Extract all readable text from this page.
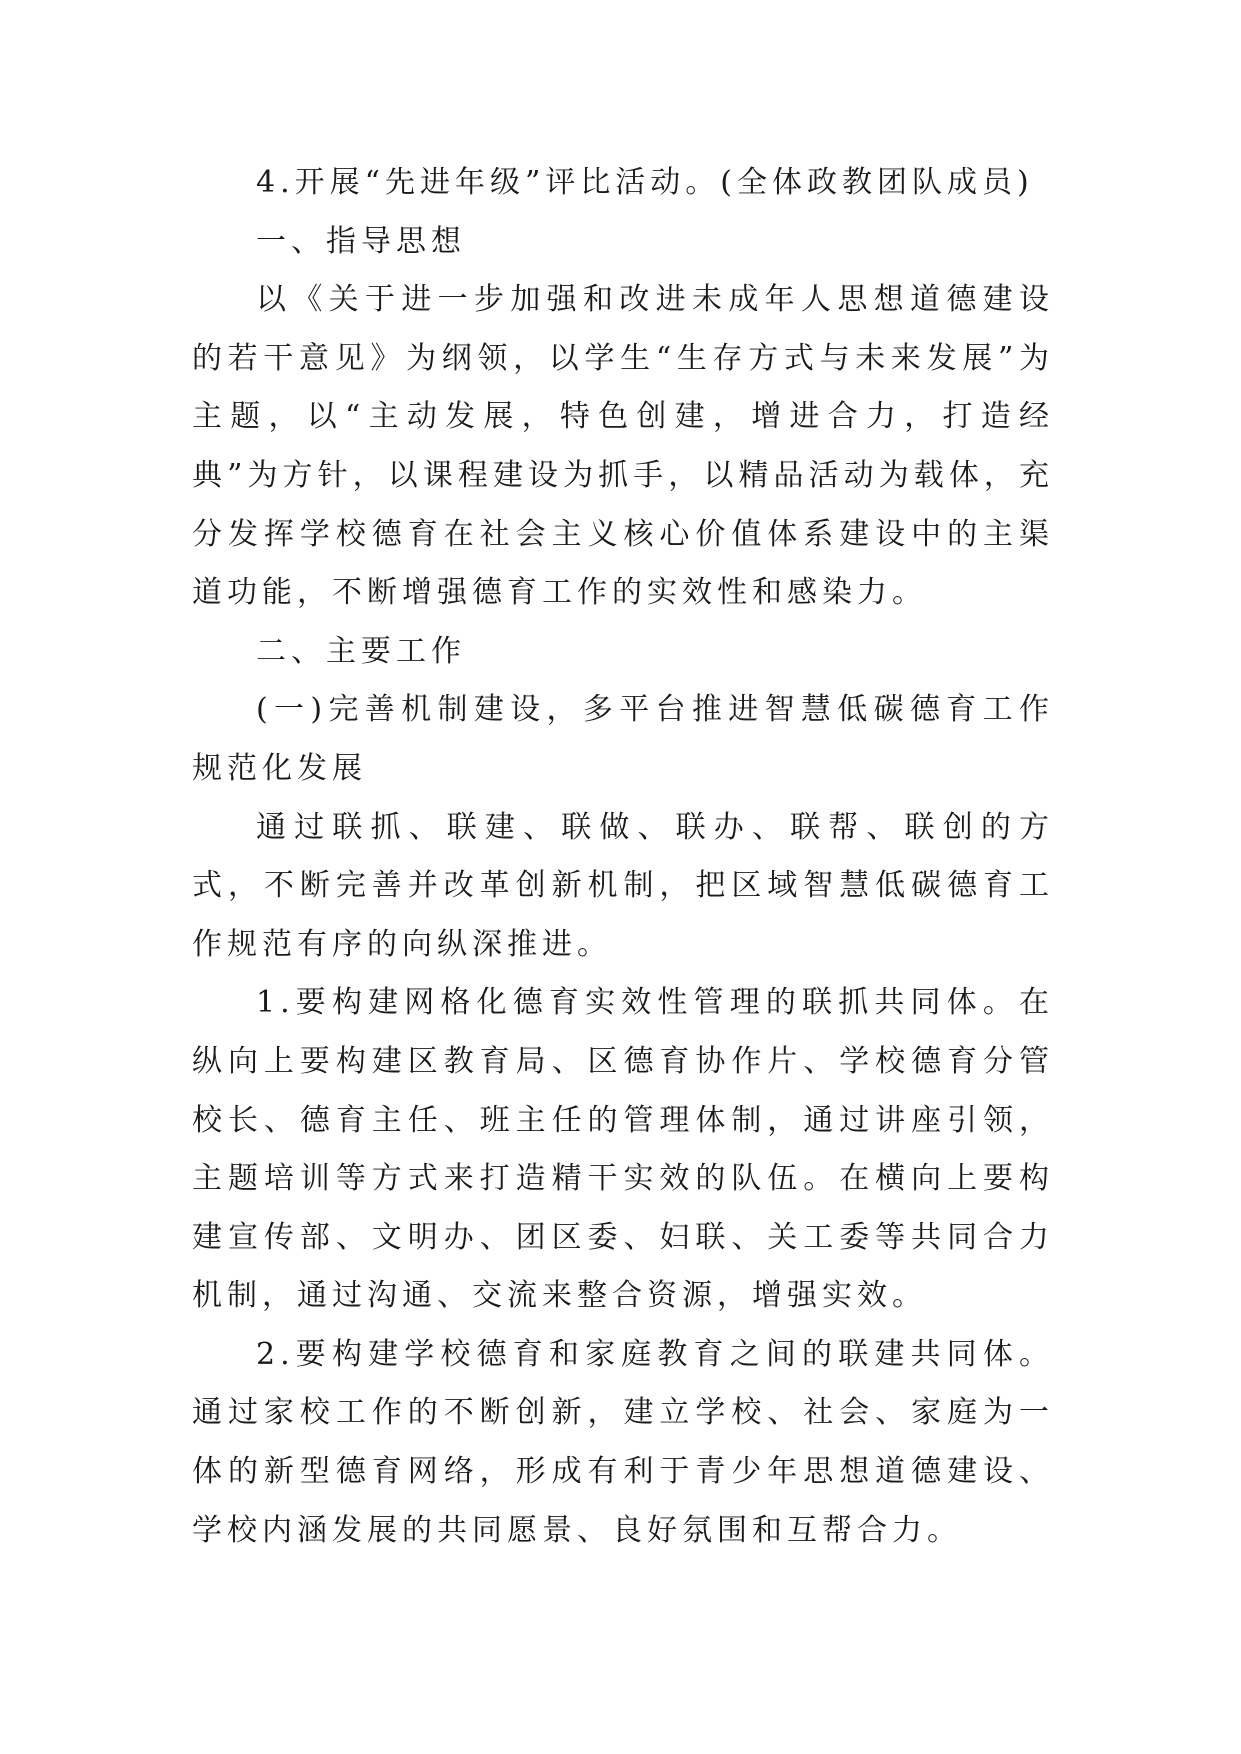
4.开展“先进年级”评比活动。(全体政教团队成员)

一、指导思想

以《关于进一步加强和改进未成年人思想道德建设的若干意见》为纲领，以学生“生存方式与未来发展”为主题，以“主动发展，特色创建，增进合力，打造经典”为方针，以课程建设为抓手，以精品活动为载体，充分发挥学校德育在社会主义核心价值体系建设中的主渠道功能，不断增强德育工作的实效性和感染力。

二、主要工作

(一)完善机制建设，多平台推进智慧低碳德育工作规范化发展

通过联抓、联建、联做、联办、联帮、联创的方式，不断完善并改革创新机制，把区域智慧低碳德育工作规范有序的向纵深推进。

1.要构建网格化德育实效性管理的联抓共同体。在纵向上要构建区教育局、区德育协作片、学校德育分管校长、德育主任、班主任的管理体制，通过讲座引领，主题培训等方式来打造精干实效的队伍。在横向上要构建宣传部、文明办、团区委、妇联、关工委等共同合力机制，通过沟通、交流来整合资源，增强实效。

2.要构建学校德育和家庭教育之间的联建共同体。通过家校工作的不断创新，建立学校、社会、家庭为一体的新型德育网络，形成有利于青少年思想道德建设、学校内涵发展的共同愿景、良好氛围和互帮合力。
